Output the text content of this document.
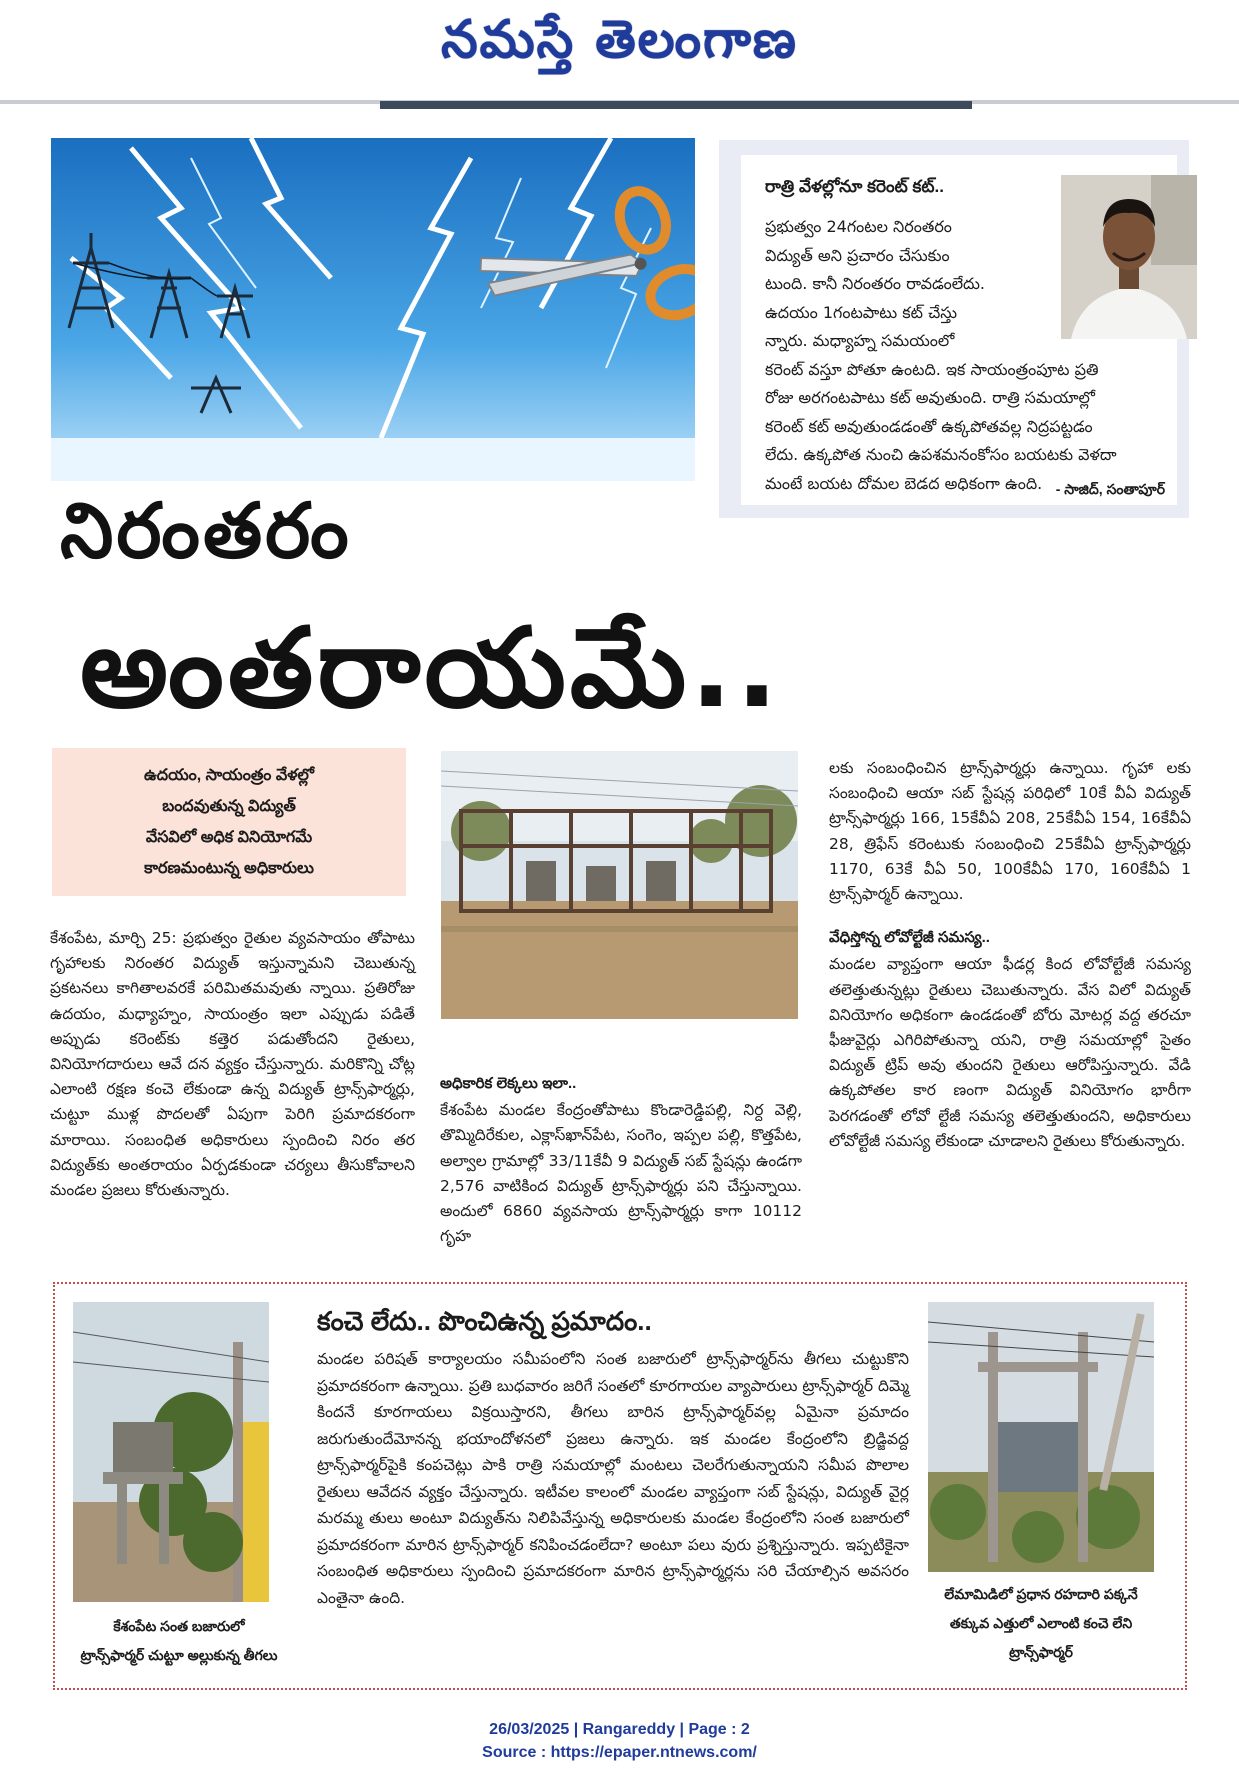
నమస్తే తెలంగాణ
రాత్రి వేళల్లోనూ కరెంట్ కట్..
ప్రభుత్వం 24గంటల నిరంతరం
విద్యుత్ అని ప్రచారం చేసుకుం
టుంది. కానీ నిరంతరం రావడంలేదు.
ఉదయం 1గంటపాటు కట్ చేస్తు
న్నారు. మధ్యాహ్న సమయంలో
కరెంట్ వస్తూ పోతూ ఉంటది. ఇక సాయంత్రంపూట ప్రతి
రోజు అరగంటపాటు కట్ అవుతుంది. రాత్రి సమయాల్లో
కరెంట్ కట్ అవుతుండడంతో ఉక్కపోతవల్ల నిద్రపట్టడం
లేదు. ఉక్కపోత నుంచి ఉపశమనంకోసం బయటకు వెళదా
మంటే బయట దోమల బెడద అధికంగా ఉంది. - సాజిద్, సంతాపూర్
నిరంతరం
అంతరాయమే..

ఉదయం, సాయంత్రం వేళల్లో

బందవుతున్న విద్యుత్

వేసవిలో అధిక వినియోగమే

కారణమంటున్న అధికారులు

కేశంపేట, మార్చి 25: ప్రభుత్వం రైతుల వ్యవసాయం తోపాటు గృహాలకు నిరంతర విద్యుత్ ఇస్తున్నామని చెబుతున్న ప్రకటనలు కాగితాలవరకే పరిమితమవుతు న్నాయి. ప్రతిరోజు ఉదయం, మధ్యాహ్నం, సాయంత్రం ఇలా ఎప్పుడు పడితే అప్పుడు కరెంట్‌కు కత్తెర పడుతోందని రైతులు, వినియోగదారులు ఆవే దన వ్యక్తం చేస్తున్నారు. మరికొన్ని చోట్ల ఎలాంటి రక్షణ కంచె లేకుండా ఉన్న విద్యుత్ ట్రాన్స్‌ఫార్మర్లు, చుట్టూ ముళ్ల పొదలతో ఏపుగా పెరిగి ప్రమాదకరంగా మారాయి. సంబంధిత అధికారులు స్పందించి నిరం తర విద్యుత్‌కు అంతరాయం ఏర్పడకుండా చర్యలు తీసుకోవాలని మండల ప్రజలు కోరుతున్నారు.
అధికారిక లెక్కలు ఇలా..
కేశంపేట మండల కేంద్రంతోపాటు కొండారెడ్డిపల్లి, నిర్ద వెల్లి, తొమ్మిదిరేకుల, ఎక్లాస్‌ఖాన్‌పేట, సంగెం, ఇప్పల పల్లి, కొత్తపేట, అల్వాల గ్రామాల్లో 33/11కేవీ 9 విద్యుత్ సబ్ స్టేషన్లు ఉండగా 2,576 వాటికింద విద్యుత్ ట్రాన్స్‌ఫార్మర్లు పని చేస్తున్నాయి. అందులో 6860 వ్యవసాయ ట్రాన్స్‌ఫార్మర్లు కాగా 10112 గృహ
లకు సంబంధించిన ట్రాన్స్‌ఫార్మర్లు ఉన్నాయి. గృహా లకు సంబంధించి ఆయా సబ్ స్టేషన్ల పరిధిలో 10కే వీఏ విద్యుత్ ట్రాన్స్‌ఫార్మర్లు 166, 15కేవీఏ 208, 25కేవీఏ 154, 16కేవీఏ 28, త్రిఫేస్ కరెంటుకు సంబంధించి 25కేవీఏ ట్రాన్స్‌ఫార్మర్లు 1170, 63కే వీఏ 50, 100కేవీఏ 170, 160కేవీఏ 1 ట్రాన్స్‌ఫార్మర్ ఉన్నాయి.
వేధిస్తోన్న లోవోల్టేజీ సమస్య..
మండల వ్యాప్తంగా ఆయా ఫీడర్ల కింద లోవోల్టేజీ సమస్య తలెత్తుతున్నట్లు రైతులు చెబుతున్నారు. వేస విలో విద్యుత్ వినియోగం అధికంగా ఉండడంతో బోరు మోటర్ల వద్ద తరచూ ఫీజువైర్లు ఎగిరిపోతున్నా యని, రాత్రి సమయాల్లో సైతం విద్యుత్ ట్రిప్ అవు తుందని రైతులు ఆరోపిస్తున్నారు. వేడి ఉక్కపోతల కార ణంగా విద్యుత్ వినియోగం భారీగా పెరగడంతో లోవో ల్టేజీ సమస్య తలెత్తుతుందని, అధికారులు లోవోల్టేజీ సమస్య లేకుండా చూడాలని రైతులు కోరుతున్నారు.
కేశంపేట సంత బజారులో
ట్రాన్స్‌ఫార్మర్ చుట్టూ అల్లుకున్న తీగలు
కంచె లేదు.. పొంచిఉన్న ప్రమాదం..
మండల పరిషత్ కార్యాలయం సమీపంలోని సంత బజారులో ట్రాన్స్‌ఫార్మర్‌ను తీగలు చుట్టుకొని ప్రమాదకరంగా ఉన్నాయి. ప్రతి బుధవారం జరిగే సంతలో కూరగాయల వ్యాపారులు ట్రాన్స్‌ఫార్మర్ దిమ్మె కిందనే కూరగాయలు విక్రయిస్తారని, తీగలు బారిన ట్రాన్స్‌ఫార్మర్‌వల్ల ఏమైనా ప్రమాదం జరుగుతుందేమోనన్న భయాందోళనలో ప్రజలు ఉన్నారు. ఇక మండల కేంద్రంలోని బ్రిడ్జివద్ద ట్రాన్స్‌ఫార్మర్‌పైకి కంపచెట్లు పాకి రాత్రి సమయాల్లో మంటలు చెలరేగుతున్నాయని సమీప పొలాల రైతులు ఆవేదన వ్యక్తం చేస్తున్నారు. ఇటీవల కాలంలో మండల వ్యాప్తంగా సబ్ స్టేషన్లు, విద్యుత్ వైర్ల మరమ్మ తులు అంటూ విద్యుత్‌ను నిలిపివేస్తున్న అధికారులకు మండల కేంద్రంలోని సంత బజారులో ప్రమాదకరంగా మారిన ట్రాన్స్‌ఫార్మర్ కనిపించడంలేదా? అంటూ పలు వురు ప్రశ్నిస్తున్నారు. ఇప్పటికైనా సంబంధిత అధికారులు స్పందించి ప్రమాదకరంగా మారిన ట్రాన్స్‌ఫార్మర్లను సరి చేయాల్సిన అవసరం ఎంతైనా ఉంది.	లేమామిడిలో ప్రధాన రహదారి పక్కనే
తక్కువ ఎత్తులో ఎలాంటి కంచె లేని
ట్రాన్స్‌ఫార్మర్
26/03/2025 | Rangareddy | Page : 2
Source : https://epaper.ntnews.com/
